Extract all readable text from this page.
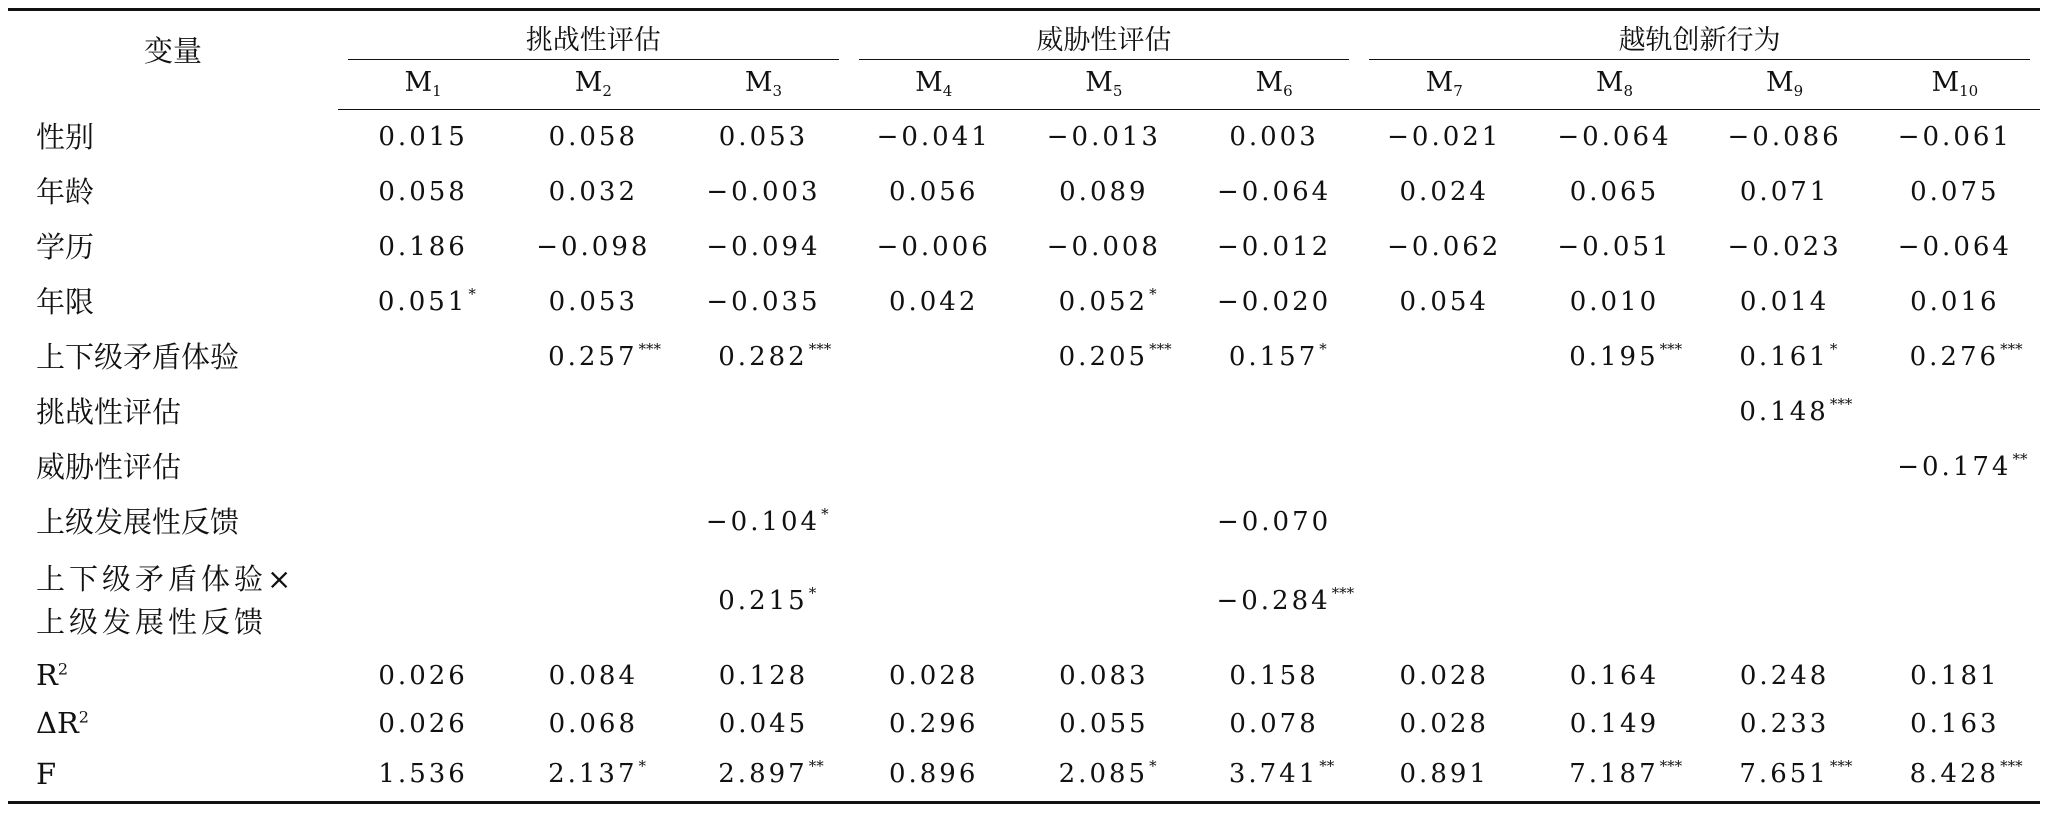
变量	挑战性评估			威胁性评估			越轨创新行为			
	$M_1$	$M_2$	$M_3$	$M_4$	$M_5$	$M_6$	$M_7$	$M_8$	$M_9$	$M_{10}$
性别	0.015	0.058	0.053	−0.041	−0.013	0.003	−0.021	−0.064	−0.086	−0.061
年龄	0.058	0.032	−0.003	0.056	0.089	−0.064	0.024	0.065	0.071	0.075
学历	0.186	−0.098	−0.094	−0.006	−0.008	−0.012	−0.062	−0.051	−0.023	−0.064
年限	0.051*	0.053	−0.035	0.042	0.052*	−0.020	0.054	0.010	0.014	0.016
上下级矛盾体验		0.257***	0.282***		0.205***	0.157*		0.195***	0.161*	0.276***
挑战性评估									0.148***	
威胁性评估										−0.174**
上级发展性反馈			−0.104*			−0.070				

上下级矛盾体验×
上级发展性反馈			0.215*			−0.284***				
$R^2$	0.026	0.084	0.128	0.028	0.083	0.158	0.028	0.164	0.248	0.181
$\Delta R^2$	0.026	0.068	0.045	0.296	0.055	0.078	0.028	0.149	0.233	0.163
F	1.536	2.137*	2.897**	0.896	2.085*	3.741**	0.891	7.187***	7.651***	8.428***
